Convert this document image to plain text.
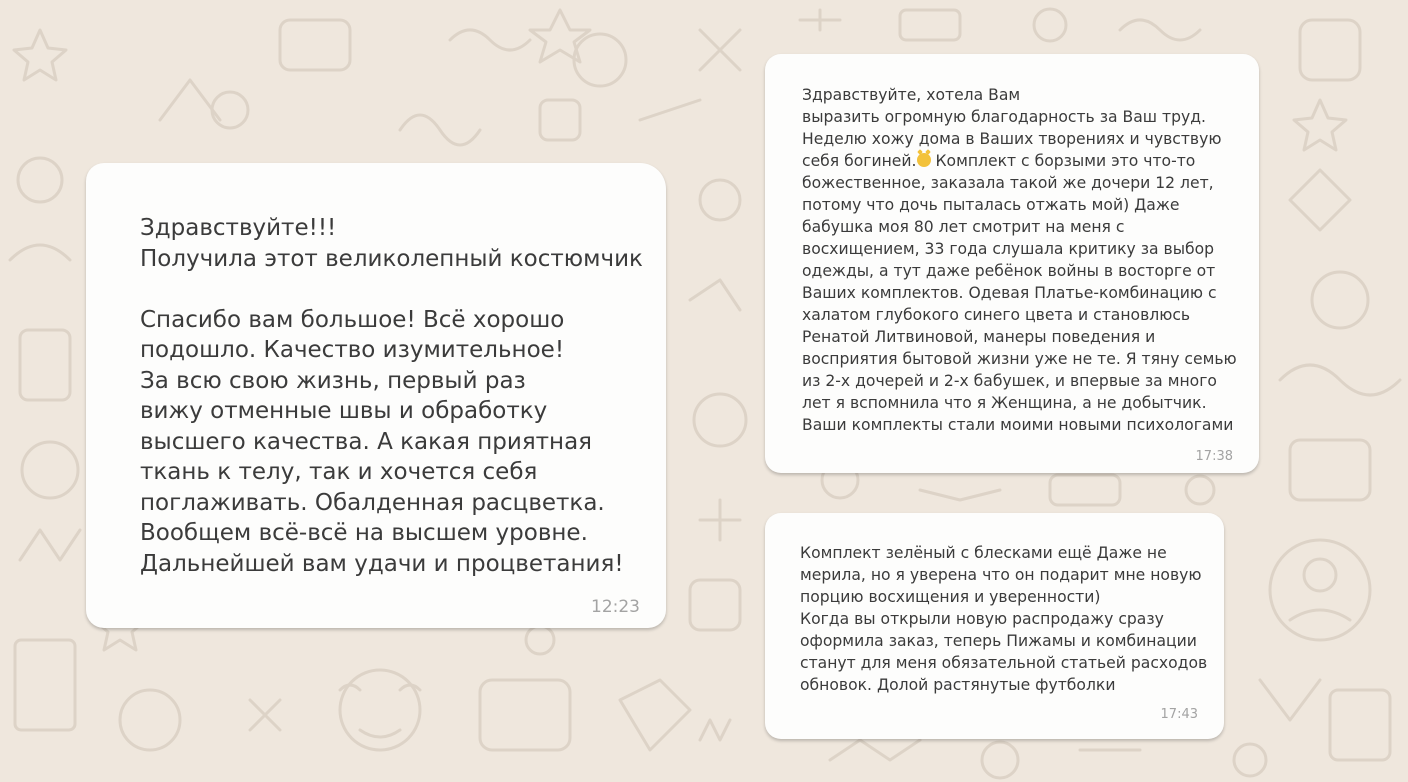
Здравствуйте!!!
Получила этот великолепный костюмчик

Спасибо вам большое! Всё хорошо
подошло. Качество изумительное!
За всю свою жизнь, первый раз
вижу отменные швы и обработку
высшего качества. А какая приятная
ткань к телу, так и хочется себя
поглаживать. Обалденная расцветка.
Вообщем всё-всё на высшем уровне.
Дальнейшей вам удачи и процветания!
12:23
Здравствуйте, хотела Вам
выразить огромную благодарность за Ваш труд.
Неделю хожу дома в Ваших творениях и чувствую
себя богиней. Комплект с борзыми это что-то
божественное, заказала такой же дочери 12 лет,
потому что дочь пыталась отжать мой) Даже
бабушка моя 80 лет смотрит на меня с
восхищением, 33 года слушала критику за выбор
одежды, а тут даже ребёнок войны в восторге от
Ваших комплектов. Одевая Платье-комбинацию с
халатом глубокого синего цвета и становлюсь
Ренатой Литвиновой, манеры поведения и
восприятия бытовой жизни уже не те. Я тяну семью
из 2-х дочерей и 2-х бабушек, и впервые за много
лет я вспомнила что я Женщина, а не добытчик.
Ваши комплекты стали моими новыми психологами
17:38
Комплект зелёный с блесками ещё Даже не
мерила, но я уверена что он подарит мне новую
порцию восхищения и уверенности)
Когда вы открыли новую распродажу сразу
оформила заказ, теперь Пижамы и комбинации
станут для меня обязательной статьей расходов
обновок. Долой растянутые футболки
17:43
